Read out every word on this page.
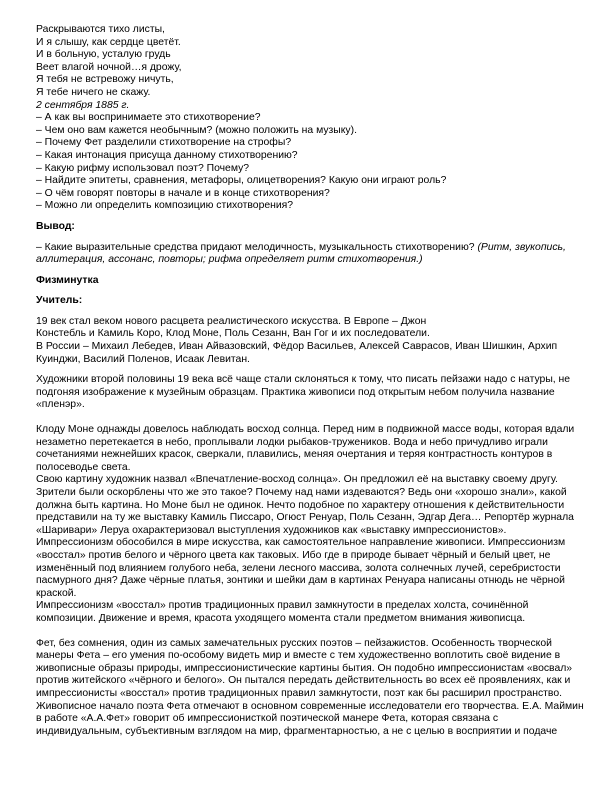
Раскрываются тихо листы,
И я слышу, как сердце цветёт.
И в больную, усталую грудь
Веет влагой ночной…я дрожу,
Я тебя не встревожу ничуть,
Я тебе ничего не скажу.
2 сентября 1885 г.
– А как вы воспринимаете это стихотворение?
– Чем оно вам кажется необычным? (можно положить на музыку).
– Почему Фет разделили стихотворение на строфы?
– Какая интонация присуща данному стихотворению?
– Какую рифму использовал поэт? Почему?
– Найдите эпитеты, сравнения, метафоры, олицетворения? Какую они играют роль?
– О чём говорят повторы в начале и в конце стихотворения?
– Можно ли определить композицию стихотворения?
Вывод:
– Какие выразительные средства придают мелодичность, музыкальность стихотворению? (Ритм, звукопись,
аллитерация, ассонанс, повторы; рифма определяет ритм стихотворения.)
Физминутка
Учитель:
19 век стал веком нового расцвета реалистического искусства. В Европе – Джон
Констебль и Камиль Коро, Клод Моне, Поль Сезанн, Ван Гог и их последователи.
В России – Михаил Лебедев, Иван Айвазовский, Фёдор Васильев, Алексей Саврасов, Иван Шишкин, Архип
Куинджи, Василий Поленов, Исаак Левитан.
Художники второй половины 19 века всё чаще стали склоняться к тому, что писать пейзажи надо с натуры, не
подгоняя изображение к музейным образцам. Практика живописи под открытым небом получила название
«пленэр».
Клоду Моне однажды довелось наблюдать восход солнца. Перед ним в подвижной массе воды, которая вдали
незаметно перетекается в небо, проплывали лодки рыбаков-тружеников. Вода и небо причудливо играли
сочетаниями нежнейших красок, сверкали, плавились, меняя очертания и теряя контрастность контуров в
полосеводье света.
Свою картину художник назвал «Впечатление-восход солнца». Он предложил её на выставку своему другу.
Зрители были оскорблены что же это такое? Почему над нами издеваются? Ведь они «хорошо знали», какой
должна быть картина. Но Моне был не одинок. Нечто подобное по характеру отношения к действительности
представили на ту же выставку Камиль Писсаро, Огюст Ренуар, Поль Сезанн, Эдгар Дега… Репортёр журнала
«Шаривари» Леруа охарактеризовал выступления художников как «выставку импрессионистов».
Импрессионизм обособился в мире искусства, как самостоятельное направление живописи. Импрессионизм
«восстал» против белого и чёрного цвета как таковых. Ибо где в природе бывает чёрный и белый цвет, не
изменённый под влиянием голубого неба, зелени лесного массива, золота солнечных лучей, серебристости
пасмурного дня? Даже чёрные платья, зонтики и шейки дам в картинах Ренуара написаны отнюдь не чёрной
краской.
Импрессионизм «восстал» против традиционных правил замкнутости в пределах холста, сочинённой
композиции. Движение и время, красота уходящего момента стали предметом внимания живописца.
Фет, без сомнения, один из самых замечательных русских поэтов – пейзажистов. Особенность творческой
манеры Фета – его умения по-особому видеть мир и вместе с тем художественно воплотить своё видение в
живописные образы природы, импрессионистические картины бытия. Он подобно импрессионистам «восвал»
против житейского «чёрного и белого». Он пытался передать действительность во всех её проявлениях, как и
импрессионисты «восстал» против традиционных правил замкнутости, поэт как бы расширил пространство.
Живописное начало поэта Фета отмечают в основном современные исследователи его творчества. Е.А. Маймин
в работе «А.А.Фет» говорит об импрессионисткой поэтической манере Фета, которая связана с
индивидуальным, субъективным взглядом на мир, фрагментарностью, а не с целью в восприятии и подаче
